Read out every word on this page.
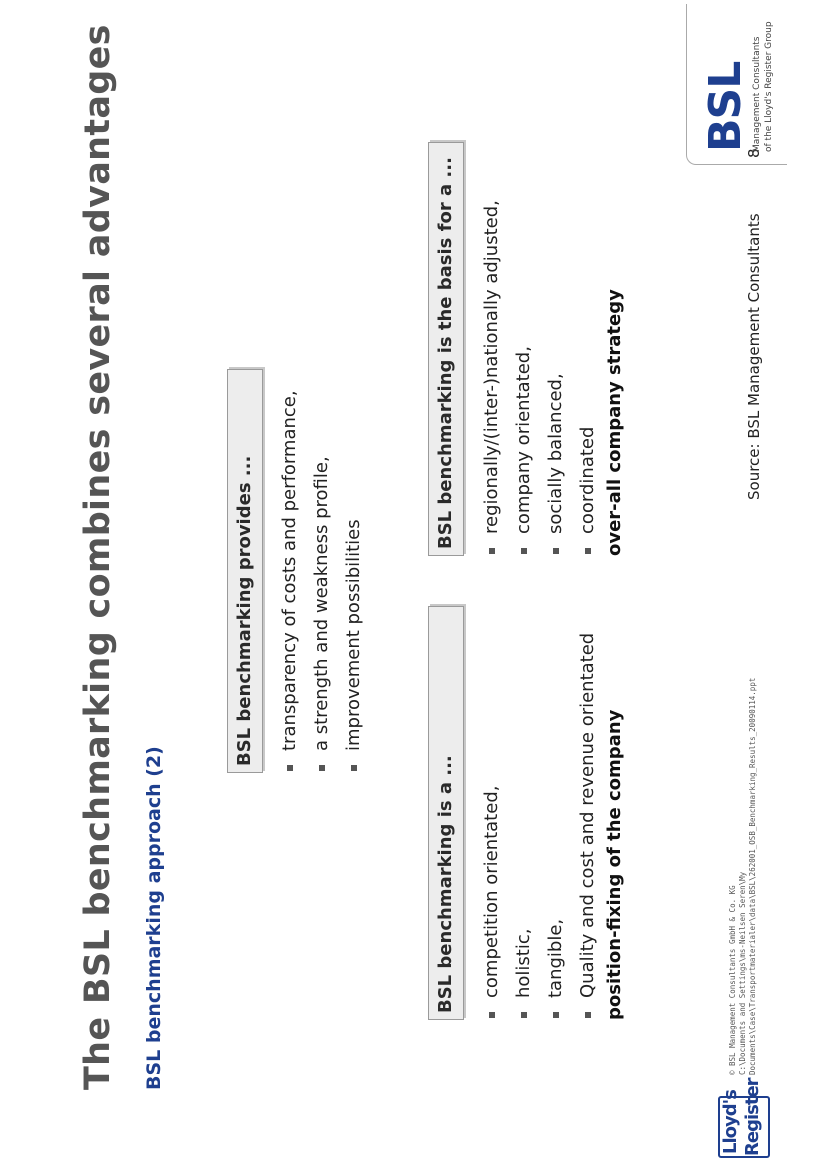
The BSL benchmarking combines several advantages BSL benchmarking approach (2)
BSL benchmarking provides ...	transparency of costs and performance, a strength and weakness profile, improvement possibilities
BSL benchmarking is a ...	competition orientated, holistic, tangible, Quality and cost and revenue orientated position-fixing of the company
BSL benchmarking is the basis for a ...	regionally/(inter-)nationally adjusted, company orientated, socially balanced, coordinated over-all company strategy	Source: BSL Management Consultants
8
© BSL Management Consultants GmbH & Co. KG C:\Documents and Settings\ms-Neilsen Seren\My Documents\Case\Transportmaterialer\data\BSL\262001_OSB_Benchmarking_Results_20090114.ppt
BSL Management Consultants of the Lloyd's Register Group
Lloyd's Register
